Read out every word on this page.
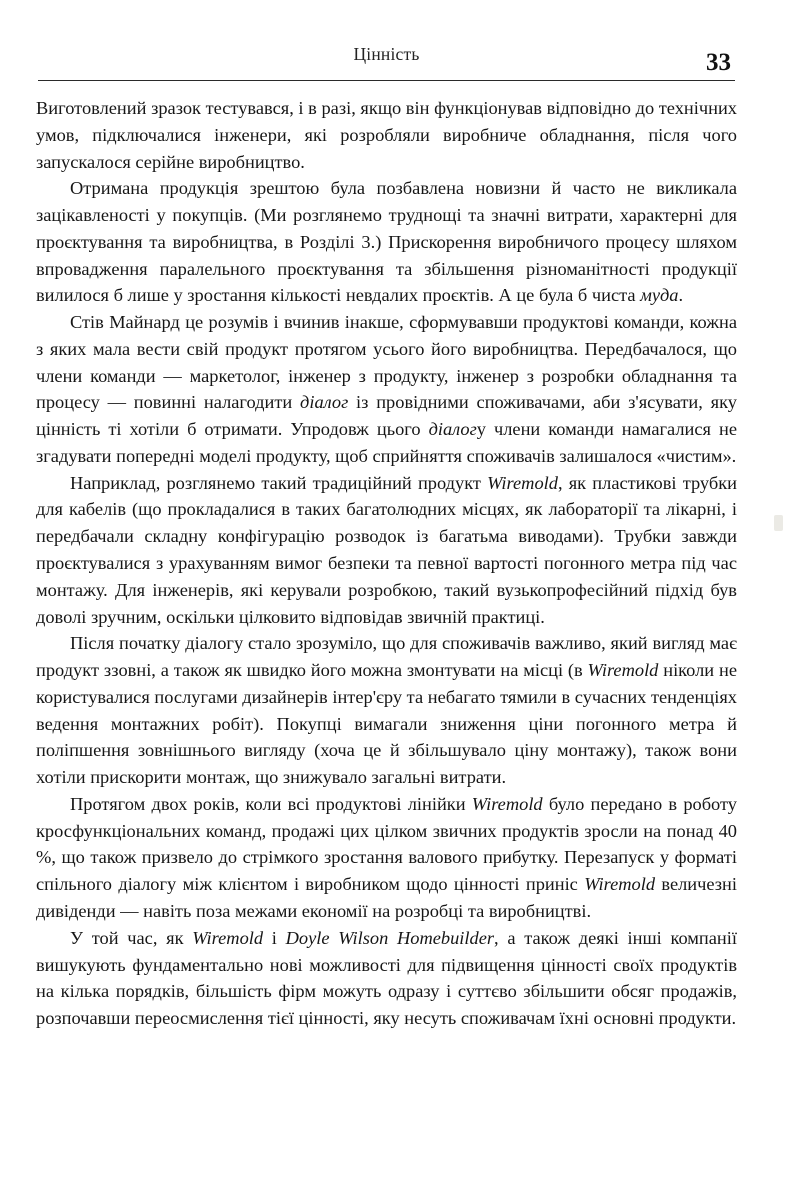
Цінність	33

Виготовлений зразок тестувався, і в разі, якщо він функціонував відповідно до технічних умов, підключалися інженери, які розробляли виробниче обладнання, після чого запускалося серійне виробництво.

Отримана продукція зрештою була позбавлена новизни й часто не викликала зацікавленості у покупців. (Ми розглянемо труднощі та значні витрати, характерні для проєктування та виробництва, в Розділі 3.) Прискорення виробничого процесу шляхом впровадження паралельного проєктування та збільшення різноманітності продукції вилилося б лише у зростання кількості невдалих проєктів. А це була б чиста муда.

Стів Майнард це розумів і вчинив інакше, сформувавши продуктові команди, кожна з яких мала вести свій продукт протягом усього його виробництва. Передбачалося, що члени команди — маркетолог, інженер з продукту, інженер з розробки обладнання та процесу — повинні налагодити діалог із провідними споживачами, аби з'ясувати, яку цінність ті хотіли б отримати. Упродовж цього діалогу члени команди намагалися не згадувати попередні моделі продукту, щоб сприйняття споживачів залишалося «чистим».

Наприклад, розглянемо такий традиційний продукт Wiremold, як пластикові трубки для кабелів (що прокладалися в таких багатолюдних місцях, як лабораторії та лікарні, і передбачали складну конфігурацію розводок із багатьма виводами). Трубки завжди проєктувалися з урахуванням вимог безпеки та певної вартості погонного метра під час монтажу. Для інженерів, які керували розробкою, такий вузькопрофесійний підхід був доволі зручним, оскільки цілковито відповідав звичній практиці.

Після початку діалогу стало зрозуміло, що для споживачів важливо, який вигляд має продукт ззовні, а також як швидко його можна змонтувати на місці (в Wiremold ніколи не користувалися послугами дизайнерів інтер'єру та небагато тямили в сучасних тенденціях ведення монтажних робіт). Покупці вимагали зниження ціни погонного метра й поліпшення зовнішнього вигляду (хоча це й збільшувало ціну монтажу), також вони хотіли прискорити монтаж, що знижувало загальні витрати.

Протягом двох років, коли всі продуктові лінійки Wiremold було передано в роботу кросфункціональних команд, продажі цих цілком звичних продуктів зросли на понад 40 %, що також призвело до стрімкого зростання валового прибутку. Перезапуск у форматі спільного діалогу між клієнтом і виробником щодо цінності приніс Wiremold величезні дивіденди — навіть поза межами економії на розробці та виробництві.

У той час, як Wiremold і Doyle Wilson Homebuilder, а також деякі інші компанії вишукують фундаментально нові можливості для підвищення цінності своїх продуктів на кілька порядків, більшість фірм можуть одразу і суттєво збільшити обсяг продажів, розпочавши переосмислення тієї цінності, яку несуть споживачам їхні основні продукти.
